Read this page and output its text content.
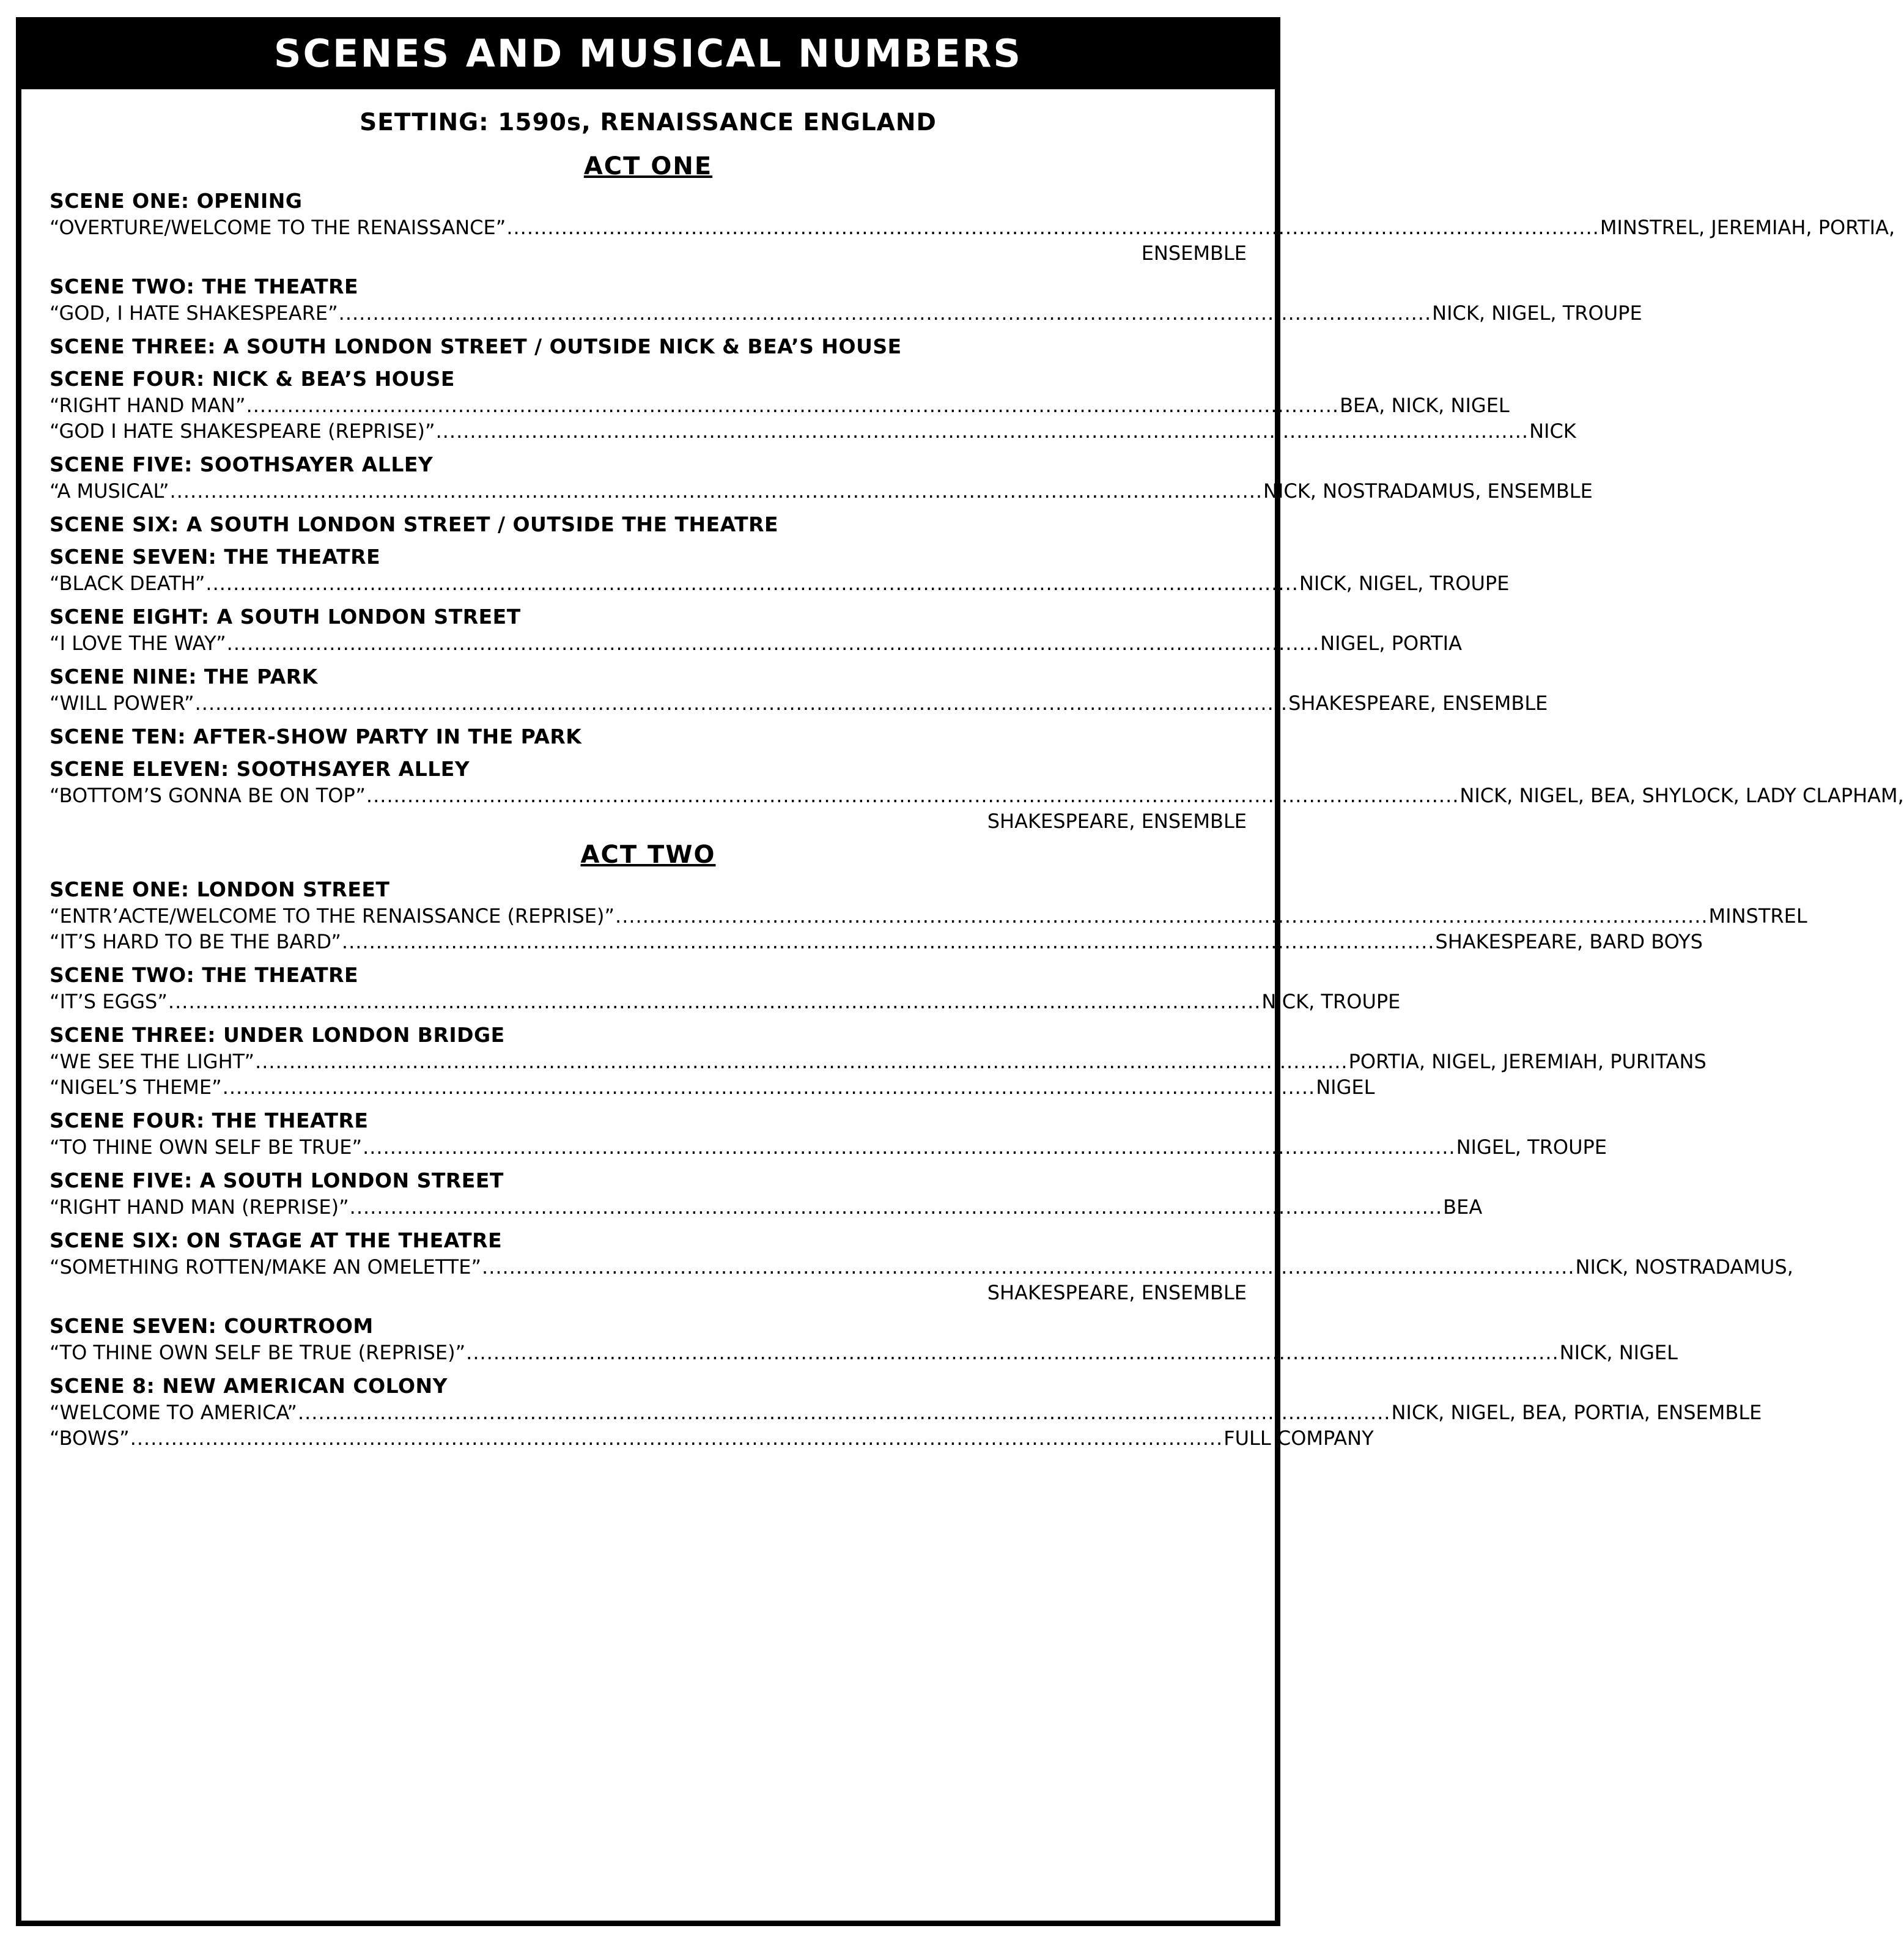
SCENES AND MUSICAL NUMBERS
SETTING: 1590s, RENAISSANCE ENGLAND
ACT ONE
SCENE ONE: OPENING
“OVERTURE/WELCOME TO THE RENAISSANCE” ................................................................................................................................................................ MINSTREL, JEREMIAH, PORTIA,
ENSEMBLE
SCENE TWO: THE THEATRE
“GOD, I HATE SHAKESPEARE” ................................................................................................................................................................ NICK, NIGEL, TROUPE
SCENE THREE: A SOUTH LONDON STREET / OUTSIDE NICK & BEA’S HOUSE
SCENE FOUR: NICK & BEA’S HOUSE
“RIGHT HAND MAN” ................................................................................................................................................................ BEA, NICK, NIGEL
“GOD I HATE SHAKESPEARE (REPRISE)” ................................................................................................................................................................ NICK
SCENE FIVE: SOOTHSAYER ALLEY
“A MUSICAL” ................................................................................................................................................................ NICK, NOSTRADAMUS, ENSEMBLE
SCENE SIX: A SOUTH LONDON STREET / OUTSIDE THE THEATRE
SCENE SEVEN: THE THEATRE
“BLACK DEATH” ................................................................................................................................................................ NICK, NIGEL, TROUPE
SCENE EIGHT: A SOUTH LONDON STREET
“I LOVE THE WAY” ................................................................................................................................................................ NIGEL, PORTIA
SCENE NINE: THE PARK
“WILL POWER” ................................................................................................................................................................ SHAKESPEARE, ENSEMBLE
SCENE TEN: AFTER-SHOW PARTY IN THE PARK
SCENE ELEVEN: SOOTHSAYER ALLEY
“BOTTOM’S GONNA BE ON TOP” ................................................................................................................................................................ NICK, NIGEL, BEA, SHYLOCK, LADY CLAPHAM,
SHAKESPEARE, ENSEMBLE
ACT TWO
SCENE ONE: LONDON STREET
“ENTR’ACTE/WELCOME TO THE RENAISSANCE (REPRISE)” ................................................................................................................................................................ MINSTREL
“IT’S HARD TO BE THE BARD” ................................................................................................................................................................ SHAKESPEARE, BARD BOYS
SCENE TWO: THE THEATRE
“IT’S EGGS” ................................................................................................................................................................ NICK, TROUPE
SCENE THREE: UNDER LONDON BRIDGE
“WE SEE THE LIGHT” ................................................................................................................................................................ PORTIA, NIGEL, JEREMIAH, PURITANS
“NIGEL’S THEME” ................................................................................................................................................................ NIGEL
SCENE FOUR: THE THEATRE
“TO THINE OWN SELF BE TRUE” ................................................................................................................................................................ NIGEL, TROUPE
SCENE FIVE: A SOUTH LONDON STREET
“RIGHT HAND MAN (REPRISE)” ................................................................................................................................................................ BEA
SCENE SIX: ON STAGE AT THE THEATRE
“SOMETHING ROTTEN/MAKE AN OMELETTE” ................................................................................................................................................................ NICK, NOSTRADAMUS,
SHAKESPEARE, ENSEMBLE
SCENE SEVEN: COURTROOM
“TO THINE OWN SELF BE TRUE (REPRISE)” ................................................................................................................................................................ NICK, NIGEL
SCENE 8: NEW AMERICAN COLONY
“WELCOME TO AMERICA” ................................................................................................................................................................ NICK, NIGEL, BEA, PORTIA, ENSEMBLE
“BOWS” ................................................................................................................................................................ FULL COMPANY
